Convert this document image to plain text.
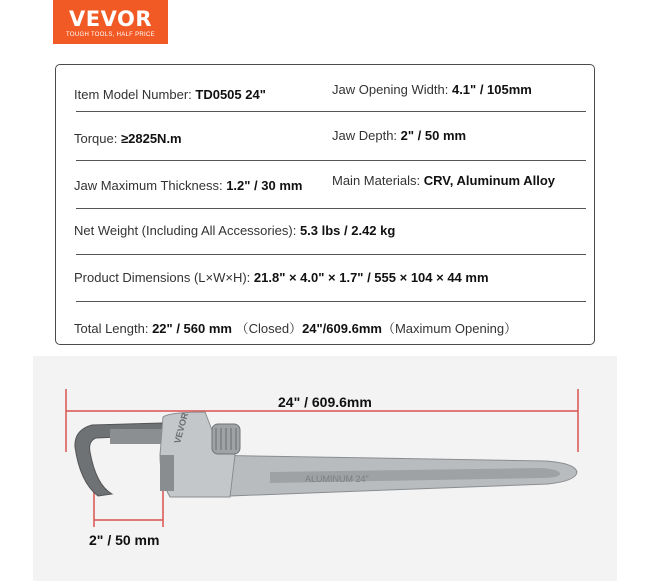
VEVOR
TOUGH TOOLS, HALF PRICE
Item Model Number: TD0505 24"	Jaw Opening Width: 4.1" / 105mm
Torque: ≥2825N.m	Jaw Depth: 2" / 50 mm
Jaw Maximum Thickness: 1.2" / 30 mm Main Materials: CRV, Aluminum Alloy
Net Weight (Including All Accessories): 5.3 lbs / 2.42 kg
Product Dimensions (L×W×H): 21.8" × 4.0" × 1.7" / 555 × 104 × 44 mm
Total Length: 22" / 560 mm （Closed）24"/609.6mm（Maximum Opening）
VEVOR
ALUMINUM 24"
24" / 609.6mm
2" / 50 mm
